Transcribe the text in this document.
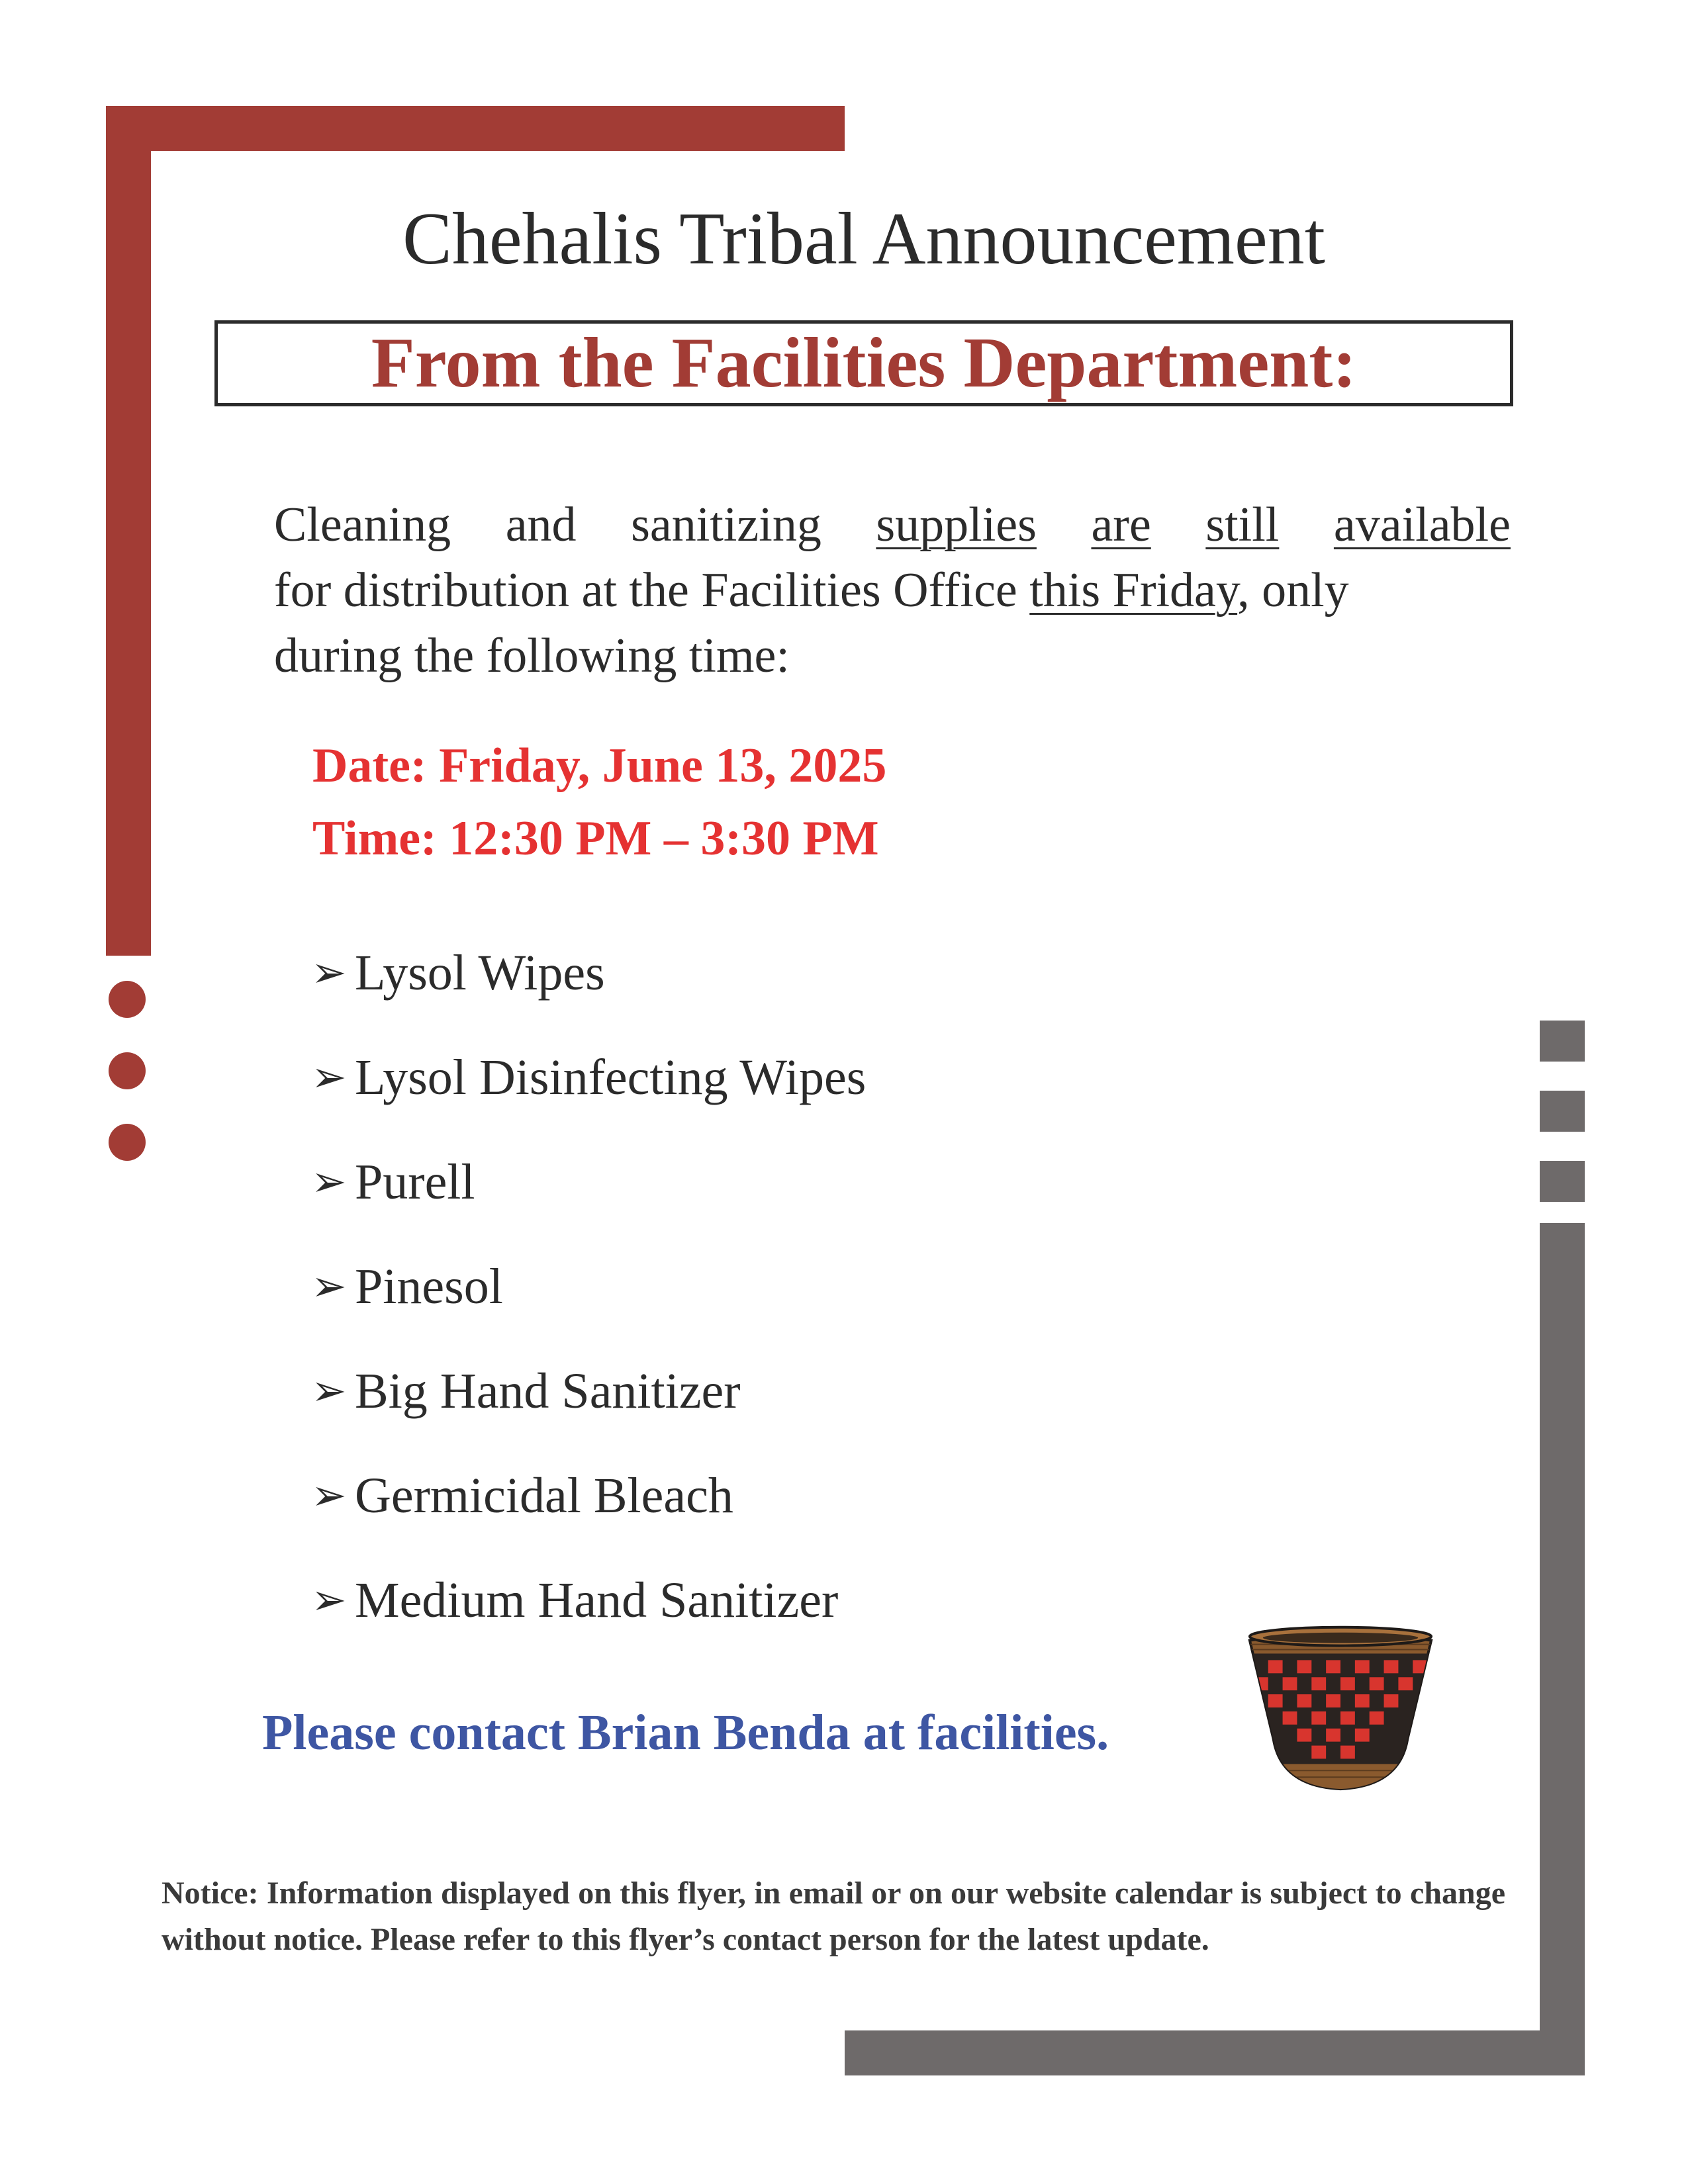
Chehalis Tribal Announcement
From the Facilities Department:
Cleaning and sanitizing supplies are still available
for distribution at the Facilities Office this Friday, only
during the following time:
Date: Friday, June 13, 2025
Time: 12:30 PM – 3:30 PM
➢ Lysol Wipes
➢ Lysol Disinfecting Wipes
➢ Purell
➢ Pinesol
➢ Big Hand Sanitizer
➢ Germicidal Bleach
➢ Medium Hand Sanitizer
Please contact Brian Benda at facilities.
Notice: Information displayed on this flyer, in email or on our website calendar is subject to change without notice. Please refer to this flyer’s contact person for the latest update.
